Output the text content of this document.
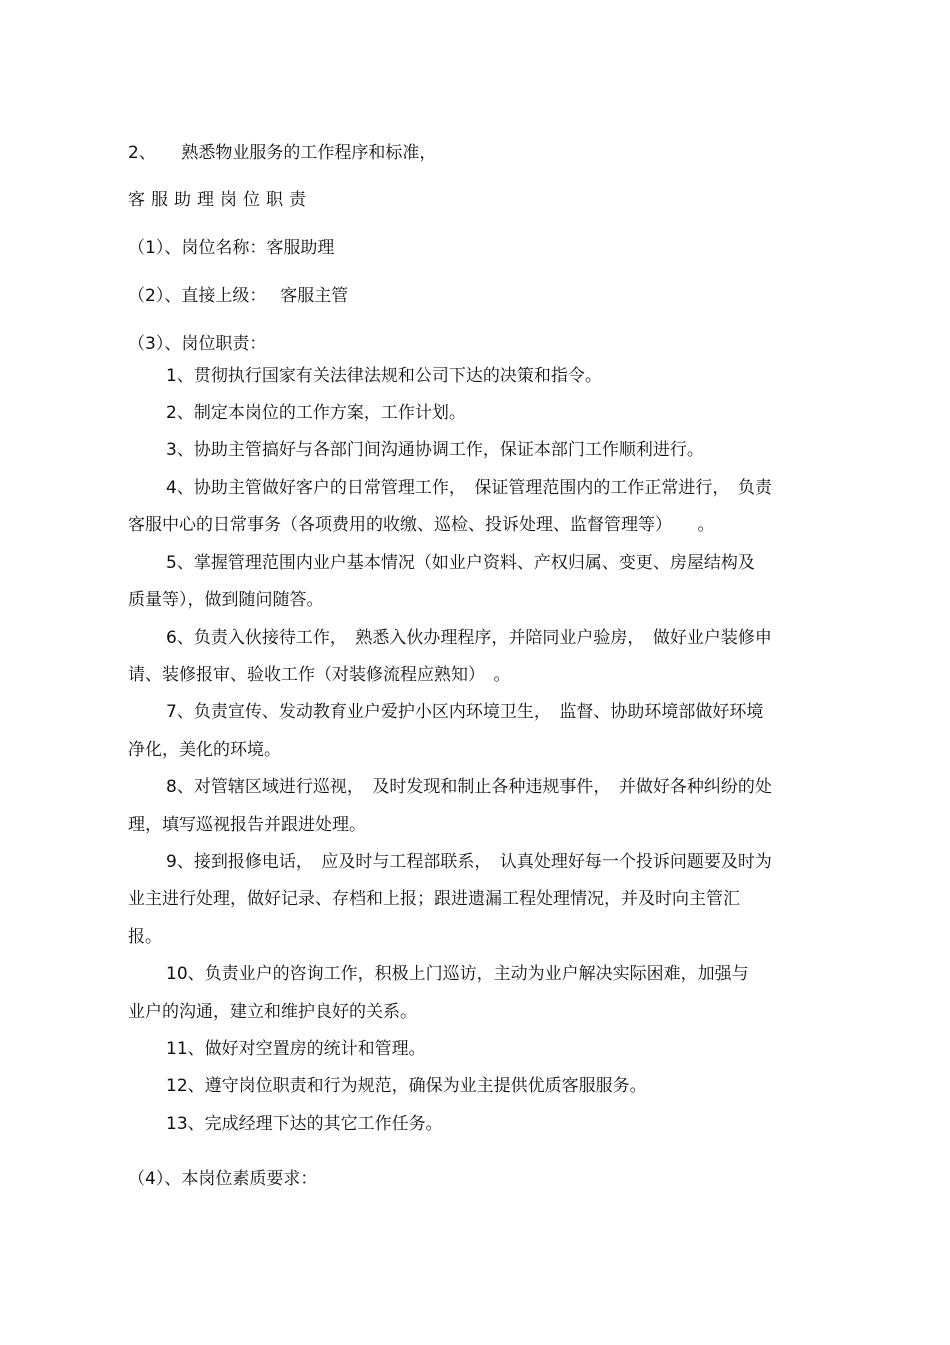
2、　　熟悉物业服务的工作程序和标准，
客服助理岗位职责
（1）、岗位名称：客服助理
（2）、直接上级：　 客服主管
（3）、岗位职责：
1、贯彻执行国家有关法律法规和公司下达的决策和指令。
2、制定本岗位的工作方案，工作计划。
3、协助主管搞好与各部门间沟通协调工作，保证本部门工作顺利进行。
4、协助主管做好客户的日常管理工作，　保证管理范围内的工作正常进行，　负责
客服中心的日常事务（各项费用的收缴、巡检、投诉处理、监督管理等）　　。
5、掌握管理范围内业户基本情况（如业户资料、产权归属、变更、房屋结构及
质量等），做到随问随答。
6、负责入伙接待工作，　熟悉入伙办理程序，并陪同业户验房，　做好业户装修申
请、装修报审、验收工作（对装修流程应熟知）　。
7、负责宣传、发动教育业户爱护小区内环境卫生，　监督、协助环境部做好环境
净化，美化的环境。
8、对管辖区域进行巡视，　及时发现和制止各种违规事件，　并做好各种纠纷的处
理，填写巡视报告并跟进处理。
9、接到报修电话，　应及时与工程部联系，　认真处理好每一个投诉问题要及时为
业主进行处理，做好记录、存档和上报；跟进遗漏工程处理情况，并及时向主管汇
报。
10、负责业户的咨询工作，积极上门巡访，主动为业户解决实际困难，加强与
业户的沟通，建立和维护良好的关系。
11、做好对空置房的统计和管理。
12、遵守岗位职责和行为规范，确保为业主提供优质客服服务。
13、完成经理下达的其它工作任务。
（4）、本岗位素质要求：
